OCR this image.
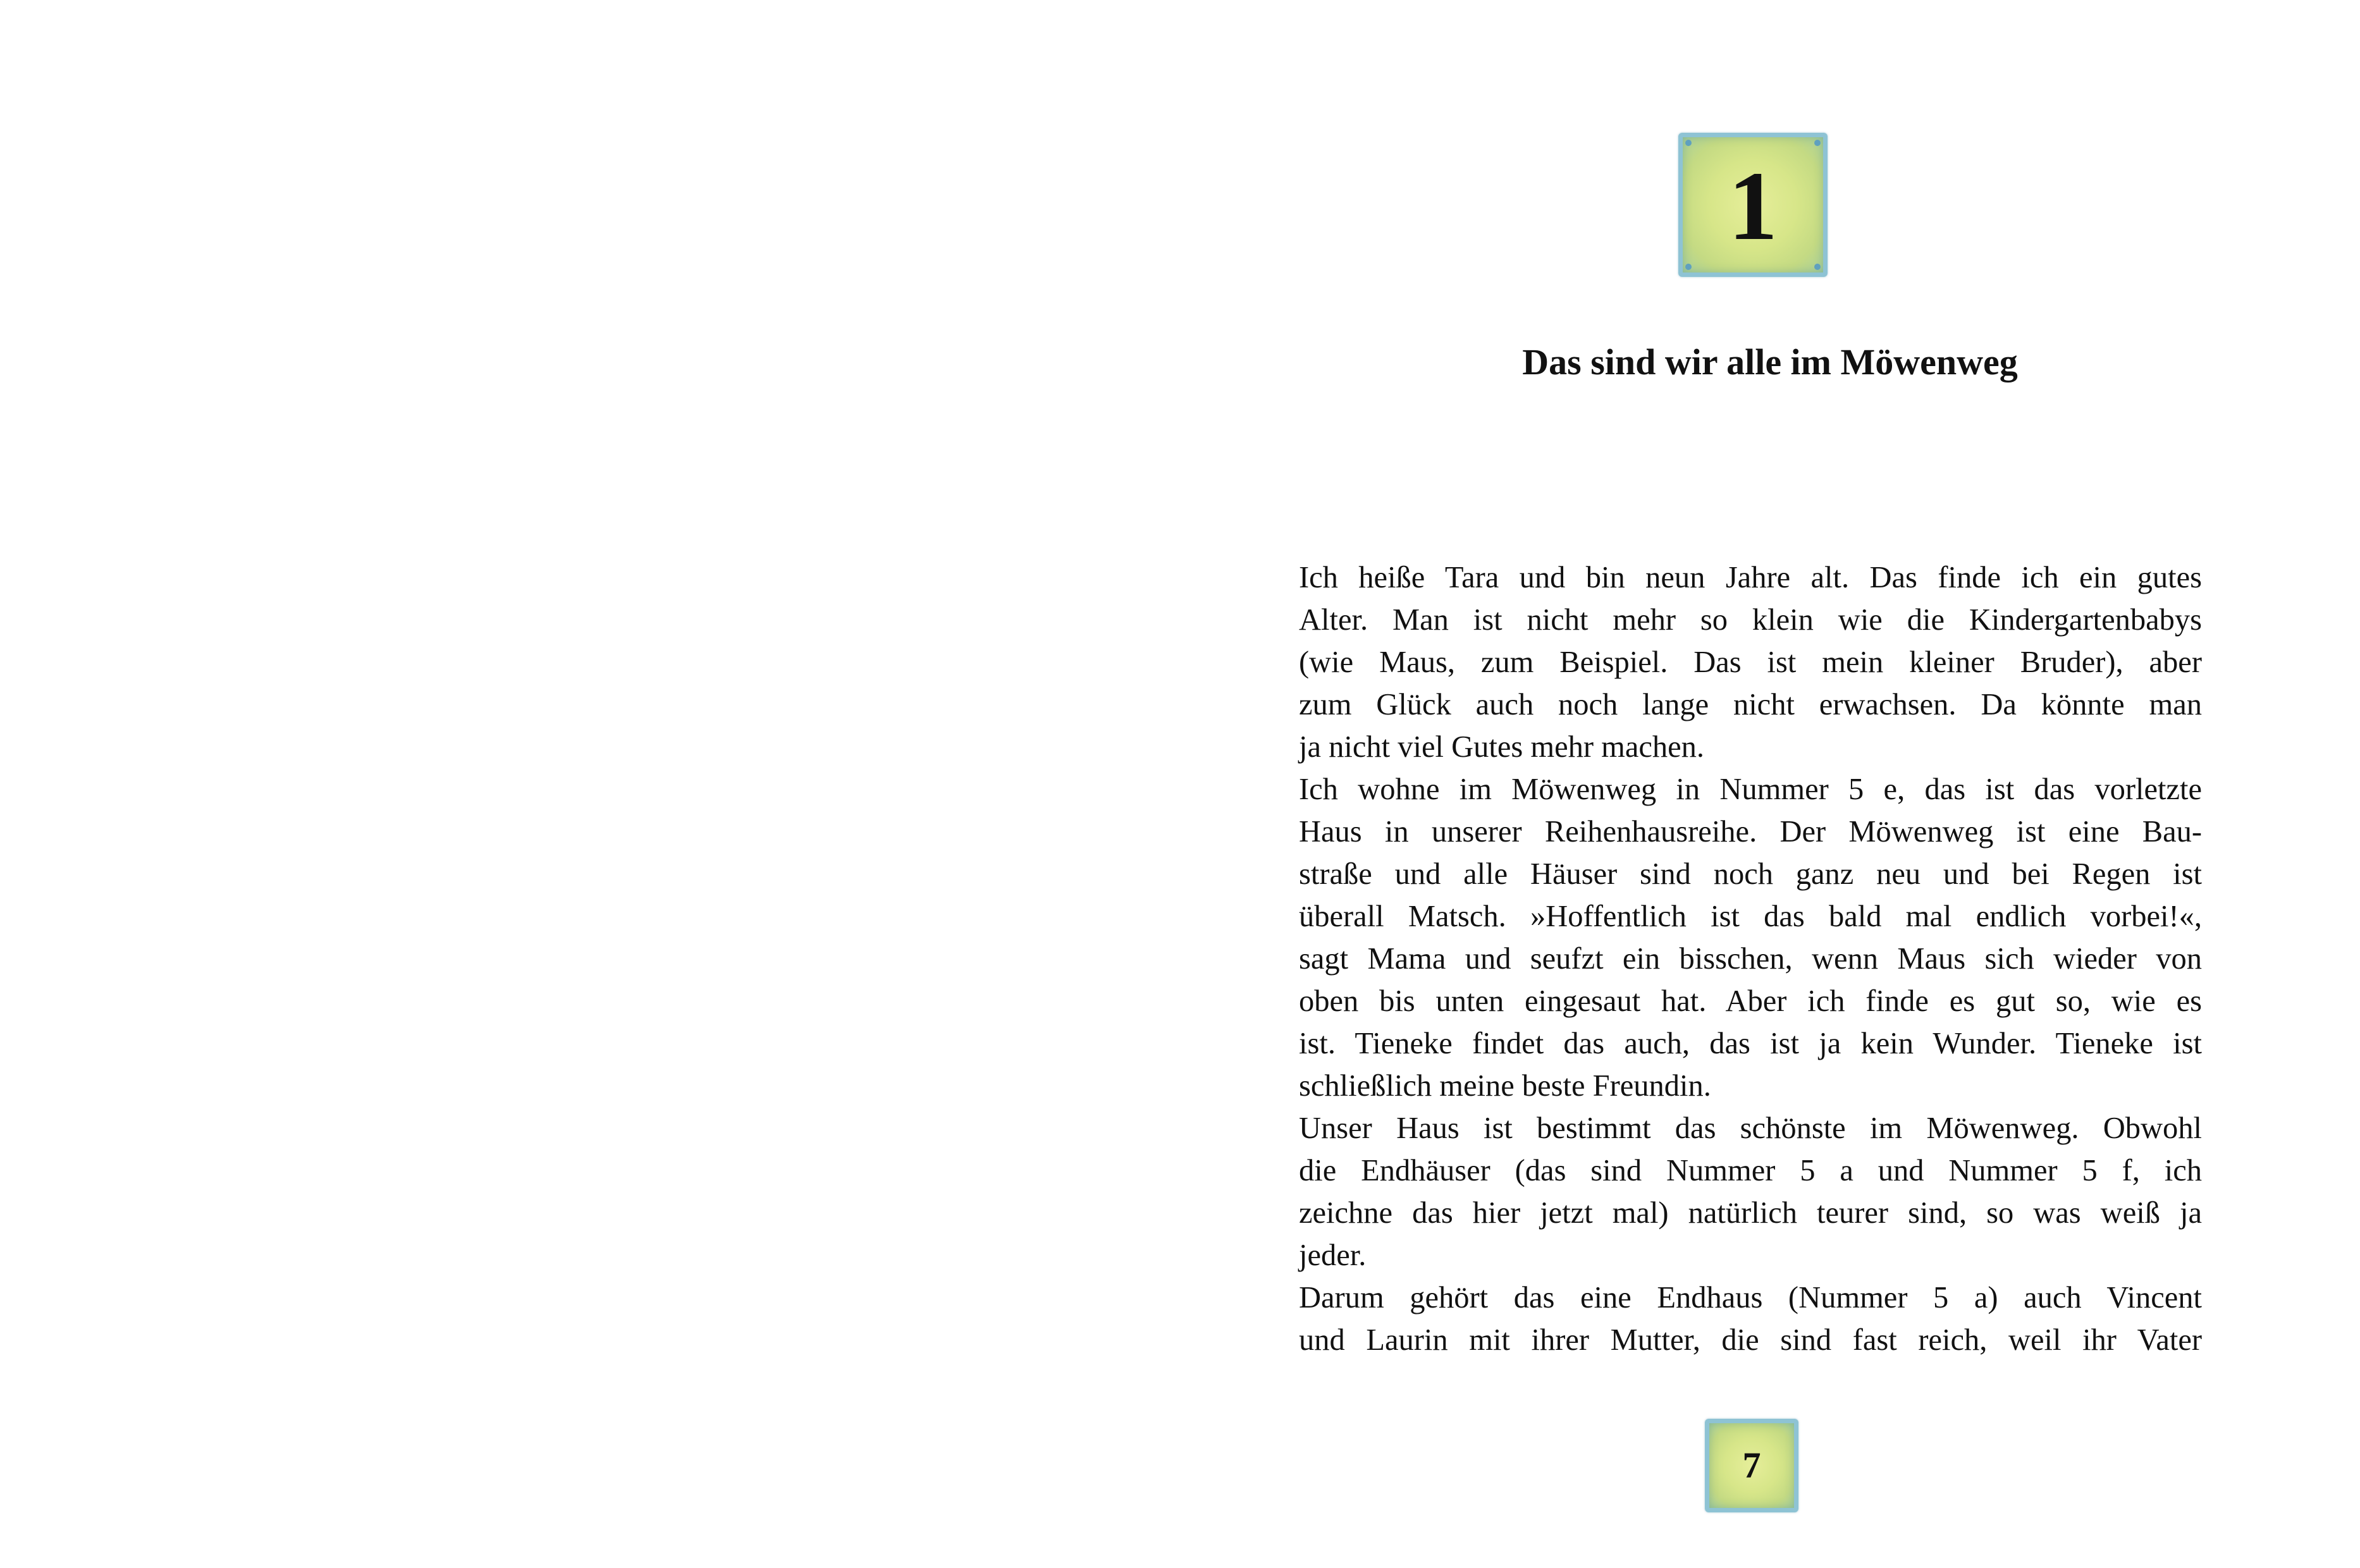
1
Das sind wir alle im Möwenweg
Ich heiße Tara und bin neun Jahre alt. Das finde ich ein gutes
Alter. Man ist nicht mehr so klein wie die Kindergartenbabys
(wie Maus, zum Beispiel. Das ist mein kleiner Bruder), aber
zum Glück auch noch lange nicht erwachsen. Da könnte man
ja nicht viel Gutes mehr machen.
Ich wohne im Möwenweg in Nummer 5 e, das ist das vorletzte
Haus in unserer Reihenhausreihe. Der Möwenweg ist eine Bau-
straße und alle Häuser sind noch ganz neu und bei Regen ist
überall Matsch. »Hoffentlich ist das bald mal endlich vorbei!«,
sagt Mama und seufzt ein bisschen, wenn Maus sich wieder von
oben bis unten eingesaut hat. Aber ich finde es gut so, wie es
ist. Tieneke findet das auch, das ist ja kein Wunder. Tieneke ist
schließlich meine beste Freundin.
Unser Haus ist bestimmt das schönste im Möwenweg. Obwohl
die Endhäuser (das sind Nummer 5 a und Nummer 5 f, ich
zeichne das hier jetzt mal) natürlich teurer sind, so was weiß ja
jeder.
Darum gehört das eine Endhaus (Nummer 5 a) auch Vincent
und Laurin mit ihrer Mutter, die sind fast reich, weil ihr Vater
7
